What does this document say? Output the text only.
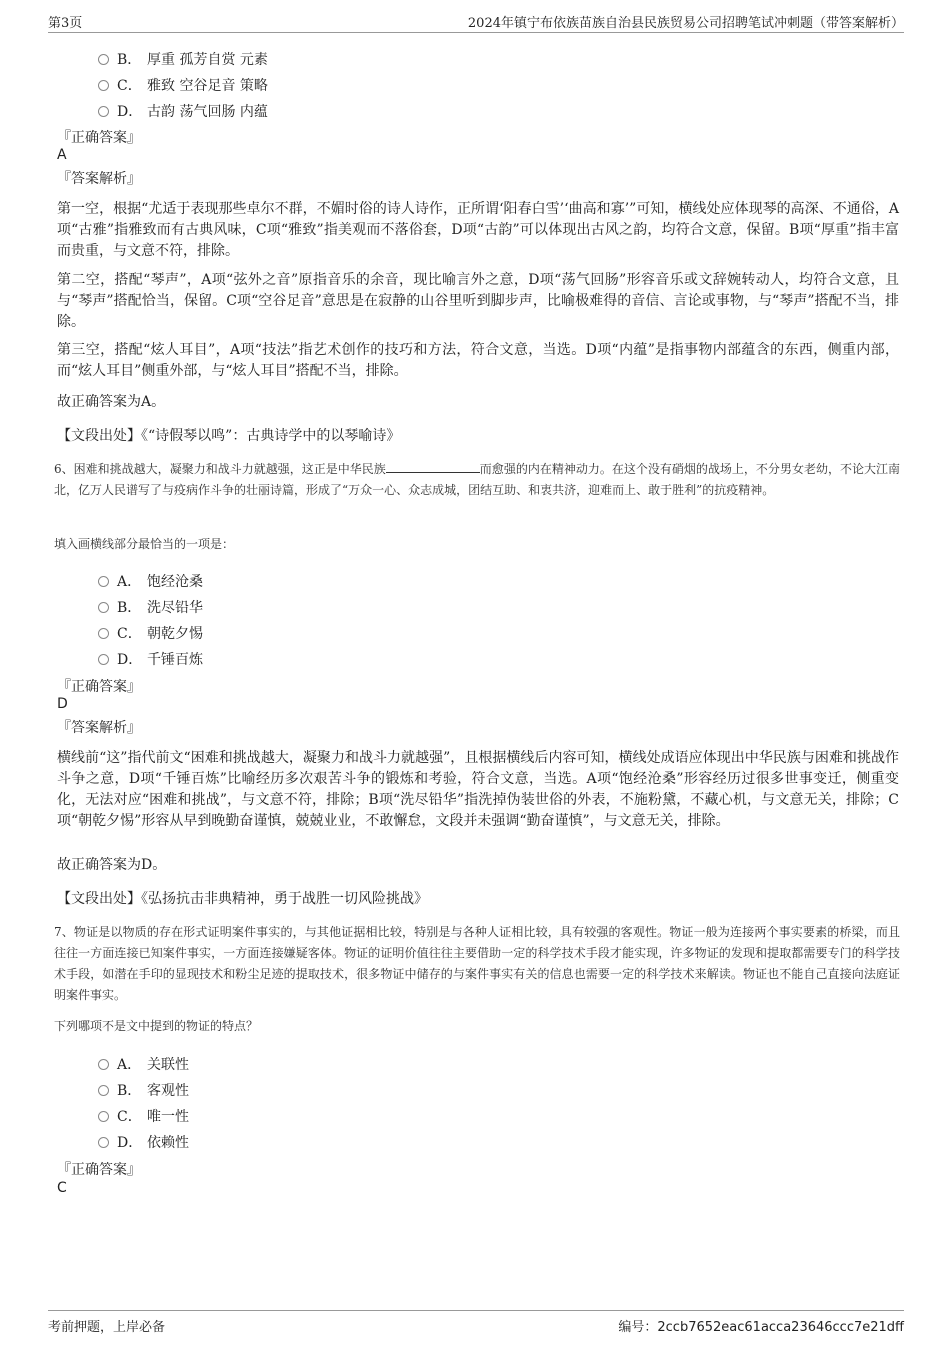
第3页	2024年镇宁布依族苗族自治县民族贸易公司招聘笔试冲刺题（带答案解析）
B． 厚重 孤芳自赏 元素
C． 雅致 空谷足音 策略
D． 古韵 荡气回肠 内蕴
『正确答案』
A
『答案解析』
第一空，根据“尤适于表现那些卓尔不群，不媚时俗的诗人诗作，正所谓‘阳春白雪’‘曲高和寡’”可知，横线处应体现琴的高深、不通俗，A项“古雅”指雅致而有古典风味，C项“雅致”指美观而不落俗套，D项“古韵”可以体现出古风之韵，均符合文意，保留。B项“厚重”指丰富而贵重，与文意不符，排除。
第二空，搭配“琴声”，A项“弦外之音”原指音乐的余音，现比喻言外之意，D项“荡气回肠”形容音乐或文辞婉转动人，均符合文意，且与“琴声”搭配恰当，保留。C项“空谷足音”意思是在寂静的山谷里听到脚步声，比喻极难得的音信、言论或事物，与“琴声”搭配不当，排除。
第三空，搭配“炫人耳目”，A项“技法”指艺术创作的技巧和方法，符合文意，当选。D项“内蕴”是指事物内部蕴含的东西，侧重内部，而“炫人耳目”侧重外部，与“炫人耳目”搭配不当，排除。
故正确答案为A。
【文段出处】《“诗假琴以鸣”：古典诗学中的以琴喻诗》
6、困难和挑战越大，凝聚力和战斗力就越强，这正是中华民族	而愈强的内在精神动力。在这个没有硝烟的战场上，不分男女老幼，不论大江南北，亿万人民谱写了与疫病作斗争的壮丽诗篇，形成了“万众一心、众志成城，团结互助、和衷共济，迎难而上、敢于胜利”的抗疫精神。
填入画横线部分最恰当的一项是：
A． 饱经沧桑
B． 洗尽铅华
C． 朝乾夕惕
D． 千锤百炼
『正确答案』
D
『答案解析』
横线前“这”指代前文“困难和挑战越大，凝聚力和战斗力就越强”，且根据横线后内容可知，横线处成语应体现出中华民族与困难和挑战作斗争之意，D项“千锤百炼”比喻经历多次艰苦斗争的锻炼和考验，符合文意，当选。A项“饱经沧桑”形容经历过很多世事变迁，侧重变化，无法对应“困难和挑战”，与文意不符，排除；B项“洗尽铅华”指洗掉伪装世俗的外表，不施粉黛，不藏心机，与文意无关，排除；C项“朝乾夕惕”形容从早到晚勤奋谨慎，兢兢业业，不敢懈怠，文段并未强调“勤奋谨慎”，与文意无关，排除。
故正确答案为D。
【文段出处】《弘扬抗击非典精神，勇于战胜一切风险挑战》
7、物证是以物质的存在形式证明案件事实的，与其他证据相比较，特别是与各种人证相比较，具有较强的客观性。物证一般为连接两个事实要素的桥梁，而且往往一方面连接已知案件事实，一方面连接嫌疑客体。物证的证明价值往往主要借助一定的科学技术手段才能实现，许多物证的发现和提取都需要专门的科学技术手段，如潜在手印的显现技术和粉尘足迹的提取技术，很多物证中储存的与案件事实有关的信息也需要一定的科学技术来解读。物证也不能自己直接向法庭证明案件事实。
下列哪项不是文中提到的物证的特点？
A． 关联性
B． 客观性
C． 唯一性
D． 依赖性
『正确答案』
C
考前押题，上岸必备	编号：2ccb7652eac61acca23646ccc7e21dff
